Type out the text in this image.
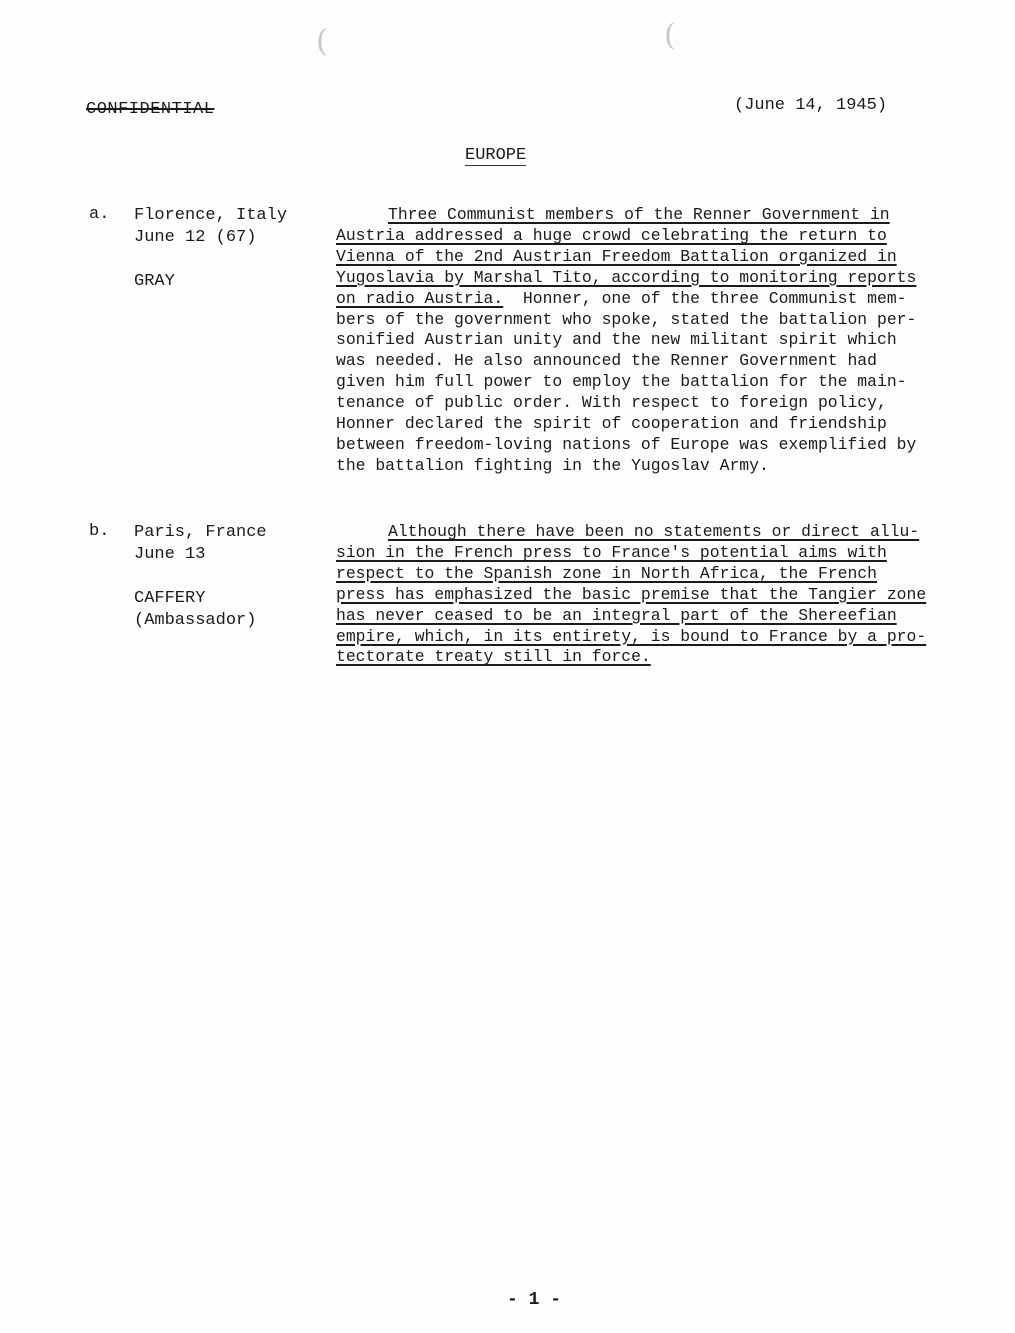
(	(
CONFIDENTIAL	(June 14, 1945)
EUROPE
a. Florence, Italy
June 12 (67)
GRAY
Three Communist members of the Renner Government in
Austria addressed a huge crowd celebrating the return to
Vienna of the 2nd Austrian Freedom Battalion organized in
Yugoslavia by Marshal Tito, according to monitoring reports
on radio Austria. Honner, one of the three Communist mem-
bers of the government who spoke, stated the battalion per-
sonified Austrian unity and the new militant spirit which
was needed. He also announced the Renner Government had
given him full power to employ the battalion for the main-
tenance of public order. With respect to foreign policy,
Honner declared the spirit of cooperation and friendship
between freedom-loving nations of Europe was exemplified by
the battalion fighting in the Yugoslav Army.
b. Paris, France
June 13
CAFFERY
(Ambassador)
Although there have been no statements or direct allu-
sion in the French press to France's potential aims with
respect to the Spanish zone in North Africa, the French
press has emphasized the basic premise that the Tangier zone
has never ceased to be an integral part of the Shereefian
empire, which, in its entirety, is bound to France by a pro-
tectorate treaty still in force.
- 1 -
